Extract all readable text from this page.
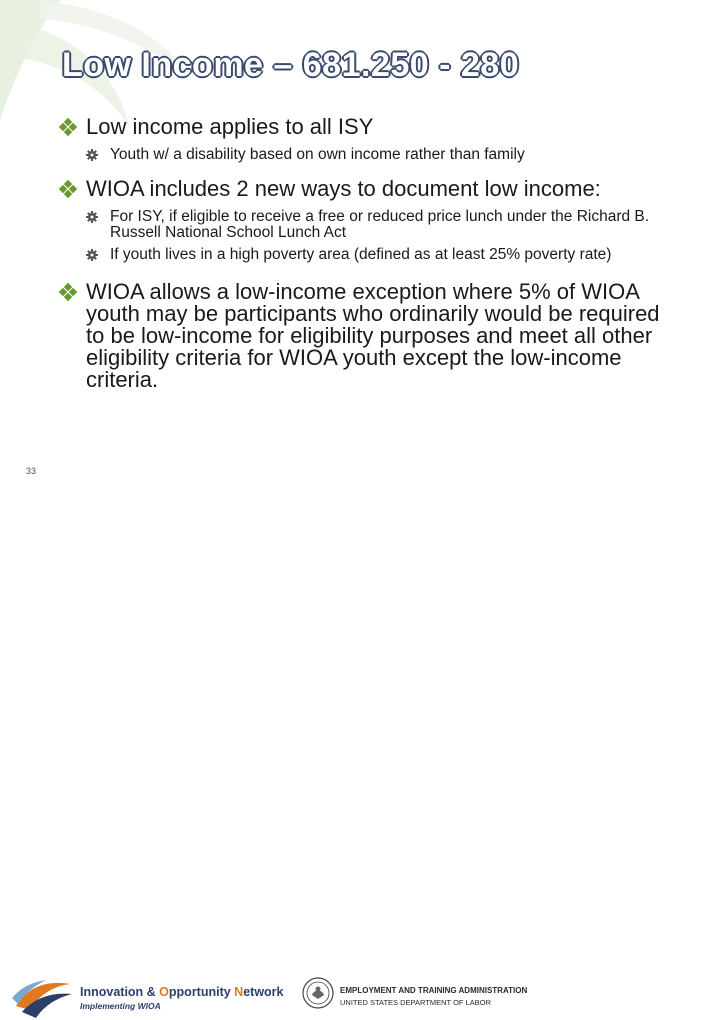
Low Income – 681.250 - 280
Low income applies to all ISY
Youth w/ a disability based on own income rather than family
WIOA includes 2 new ways to document low income:
For ISY, if eligible to receive a free or reduced price lunch under the Richard B. Russell National School Lunch Act
If youth lives in a high poverty area (defined as at least 25% poverty rate)
WIOA allows a low-income exception where 5% of WIOA youth may be participants who ordinarily would be required to be low-income for eligibility purposes and meet all other eligibility criteria for WIOA youth except the low-income criteria.
33
Innovation & Opportunity Network
Implementing WIOA
EMPLOYMENT AND TRAINING ADMINISTRATION
UNITED STATES DEPARTMENT OF LABOR
